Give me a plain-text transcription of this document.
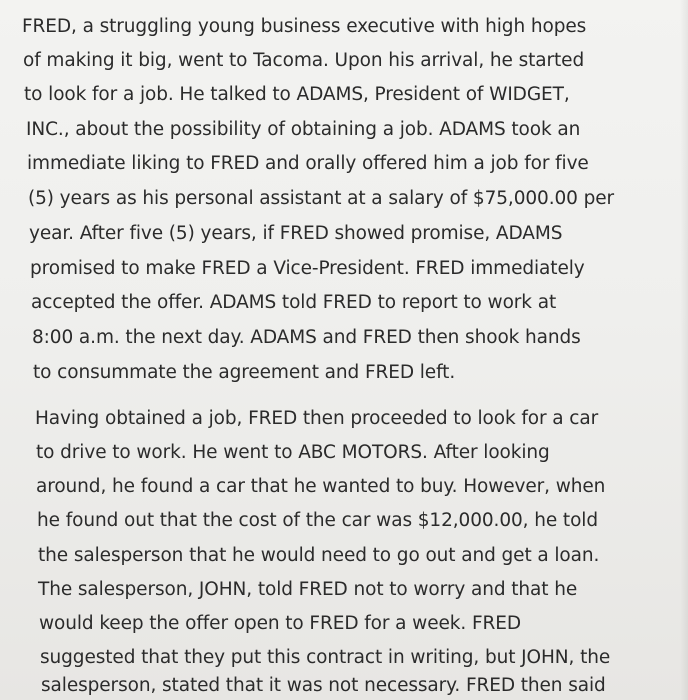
FRED, a struggling young business executive with high hopes
of making it big, went to Tacoma. Upon his arrival, he started
to look for a job. He talked to ADAMS, President of WIDGET,
INC., about the possibility of obtaining a job. ADAMS took an
immediate liking to FRED and orally offered him a job for five
(5) years as his personal assistant at a salary of $75,000.00 per
year. After five (5) years, if FRED showed promise, ADAMS
promised to make FRED a Vice-President. FRED immediately
accepted the offer. ADAMS told FRED to report to work at
8:00 a.m. the next day. ADAMS and FRED then shook hands
to consummate the agreement and FRED left.
Having obtained a job, FRED then proceeded to look for a car
to drive to work. He went to ABC MOTORS. After looking
around, he found a car that he wanted to buy. However, when
he found out that the cost of the car was $12,000.00, he told
the salesperson that he would need to go out and get a loan.
The salesperson, JOHN, told FRED not to worry and that he
would keep the offer open to FRED for a week. FRED
suggested that they put this contract in writing, but JOHN, the
salesperson, stated that it was not necessary. FRED then said
